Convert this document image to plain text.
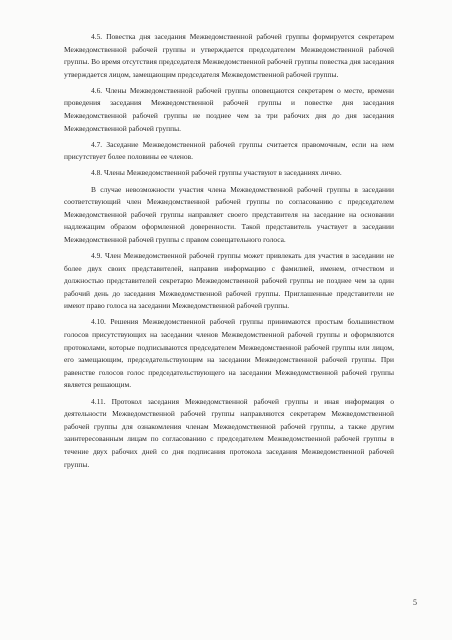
4.5. Повестка дня заседания Межведомственной рабочей группы формируется секретарем Межведомственной рабочей группы и утверждается председателем Межведомственной рабочей группы. Во время отсутствия председателя Межведомственной рабочей группы повестка дня заседания утверждается лицом, замещающим председателя Межведомственной рабочей группы.

4.6. Члены Межведомственной рабочей группы оповещаются секретарем о месте, времени проведения заседания Межведомственной рабочей группы и повестке дня заседания Межведомственной рабочей группы не позднее чем за три рабочих дня до дня заседания Межведомственной рабочей группы.

4.7. Заседание Межведомственной рабочей группы считается правомочным, если на нем присутствует более половины ее членов.

4.8. Члены Межведомственной рабочей группы участвуют в заседаниях лично.

В случае невозможности участия члена Межведомственной рабочей группы в заседании соответствующий член Межведомственной рабочей группы по согласованию с председателем Межведомственной рабочей группы направляет своего представителя на заседание на основании надлежащим образом оформленной доверенности. Такой представитель участвует в заседании Межведомственной рабочей группы с правом совещательного голоса.

4.9. Член Межведомственной рабочей группы может привлекать для участия в заседании не более двух своих представителей, направив информацию с фамилией, именем, отчеством и должностью представителей секретарю Межведомственной рабочей группы не позднее чем за один рабочий день до заседания Межведомственной рабочей группы. Приглашенные представители не имеют право голоса на заседании Межведомственной рабочей группы.

4.10. Решения Межведомственной рабочей группы принимаются простым большинством голосов присутствующих на заседании членов Межведомственной рабочей группы и оформляются протоколами, которые подписываются председателем Межведомственной рабочей группы или лицом, его замещающим, председательствующим на заседании Межведомственной рабочей группы. При равенстве голосов голос председательствующего на заседании Межведомственной рабочей группы является решающим.

4.11. Протокол заседания Межведомственной рабочей группы и иная информация о деятельности Межведомственной рабочей группы направляются секретарем Межведомственной рабочей группы для ознакомления членам Межведомственной рабочей группы, а также другим заинтересованным лицам по согласованию с председателем Межведомственной рабочей группы в течение двух рабочих дней со дня подписания протокола заседания Межведомственной рабочей группы.

5
